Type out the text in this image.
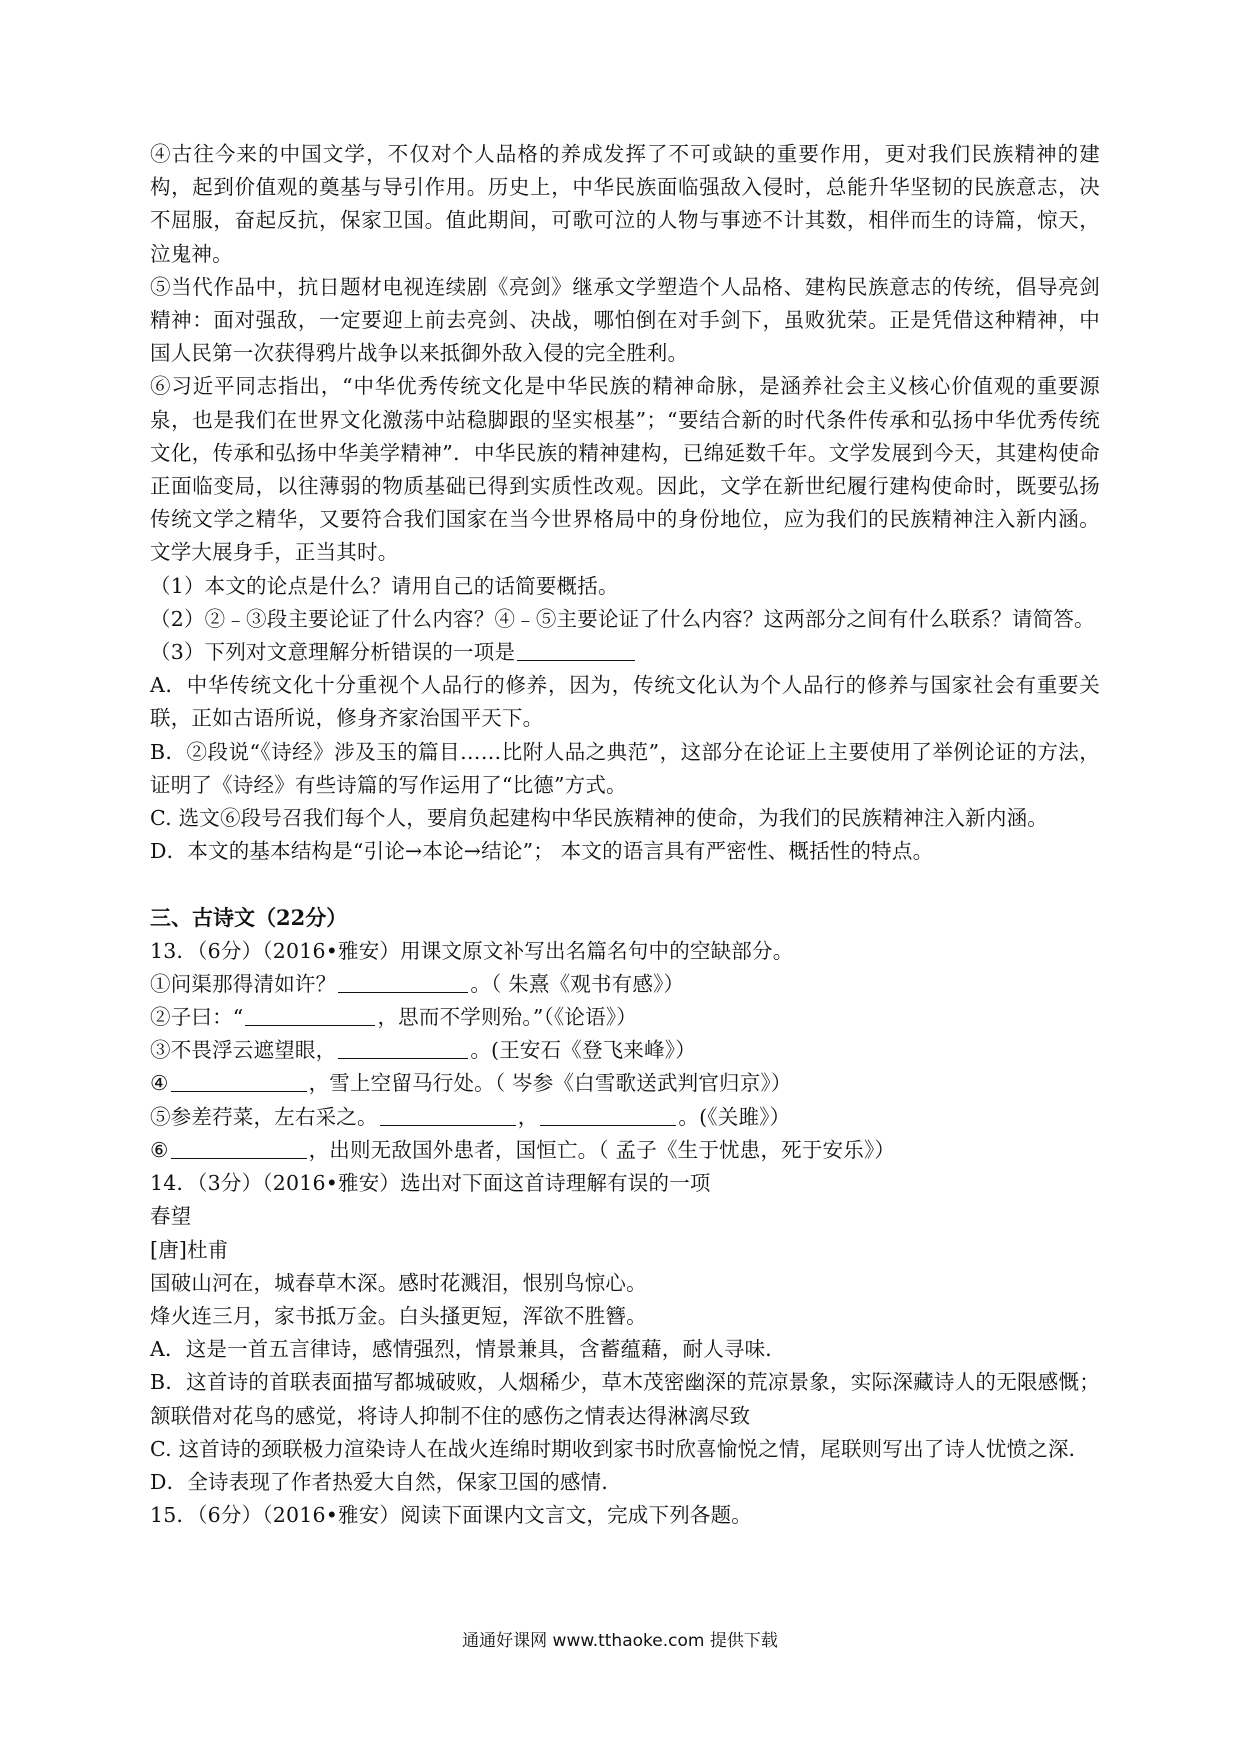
④古往今来的中国文学，不仅对个人品格的养成发挥了不可或缺的重要作用，更对我们民族精神的建构，起到价值观的奠基与导引作用。历史上，中华民族面临强敌入侵时，总能升华坚韧的民族意志，决不屈服，奋起反抗，保家卫国。值此期间，可歌可泣的人物与事迹不计其数，相伴而生的诗篇，惊天，泣鬼神。

⑤当代作品中，抗日题材电视连续剧《亮剑》继承文学塑造个人品格、建构民族意志的传统，倡导亮剑精神：面对强敌，一定要迎上前去亮剑、决战，哪怕倒在对手剑下，虽败犹荣。正是凭借这种精神，中国人民第一次获得鸦片战争以来抵御外敌入侵的完全胜利。

⑥习近平同志指出，“中华优秀传统文化是中华民族的精神命脉，是涵养社会主义核心价值观的重要源泉，也是我们在世界文化激荡中站稳脚跟的坚实根基”；“要结合新的时代条件传承和弘扬中华优秀传统文化，传承和弘扬中华美学精神”．中华民族的精神建构，已绵延数千年。文学发展到今天，其建构使命正面临变局，以往薄弱的物质基础已得到实质性改观。因此，文学在新世纪履行建构使命时，既要弘扬传统文学之精华，又要符合我们国家在当今世界格局中的身份地位，应为我们的民族精神注入新内涵。文学大展身手，正当其时。

（1）本文的论点是什么？请用自己的话简要概括。

（2）②﹣③段主要论证了什么内容？④﹣⑤主要论证了什么内容？这两部分之间有什么联系？请简答。

（3）下列对文意理解分析错误的一项是

A．中华传统文化十分重视个人品行的修养，因为，传统文化认为个人品行的修养与国家社会有重要关联，正如古语所说，修身齐家治国平天下。

B．②段说“《诗经》涉及玉的篇目……比附人品之典范”，这部分在论证上主要使用了举例论证的方法，证明了《诗经》有些诗篇的写作运用了“比德”方式。

C. 选文⑥段号召我们每个人，要肩负起建构中华民族精神的使命，为我们的民族精神注入新内涵。

D．本文的基本结构是“引论→本论→结论”； 本文的语言具有严密性、概括性的特点。

三、古诗文（22分）
13．（6分）（2016•雅安）用课文原文补写出名篇名句中的空缺部分。
①问渠那得清如许？	。（ 朱熹《观书有感》）
②子曰：“	，思而不学则殆。”（《论语》）
③不畏浮云遮望眼，	。(王安石《登飞来峰》）
④	，雪上空留马行处。（ 岑参《白雪歌送武判官归京》）
⑤参差荇菜，左右采之。	，	。(《关雎》）
⑥	，出则无敌国外患者，国恒亡。（ 孟子《生于忧患，死于安乐》）
14．（3分）（2016•雅安）选出对下面这首诗理解有误的一项
春望
[唐]杜甫
国破山河在，城春草木深。感时花溅泪，恨别鸟惊心。
烽火连三月，家书抵万金。白头搔更短，浑欲不胜簪。

A．这是一首五言律诗，感情强烈，情景兼具，含蓄蕴藉，耐人寻味．

B．这首诗的首联表面描写都城破败，人烟稀少，草木茂密幽深的荒凉景象，实际深藏诗人的无限感慨； 颔联借对花鸟的感觉，将诗人抑制不住的感伤之情表达得淋漓尽致

C. 这首诗的颈联极力渲染诗人在战火连绵时期收到家书时欣喜愉悦之情，尾联则写出了诗人忧愤之深．

D．全诗表现了作者热爱大自然，保家卫国的感情．

15．（6分）（2016•雅安）阅读下面课内文言文，完成下列各题。
通通好课网 www.tthaoke.com 提供下载
